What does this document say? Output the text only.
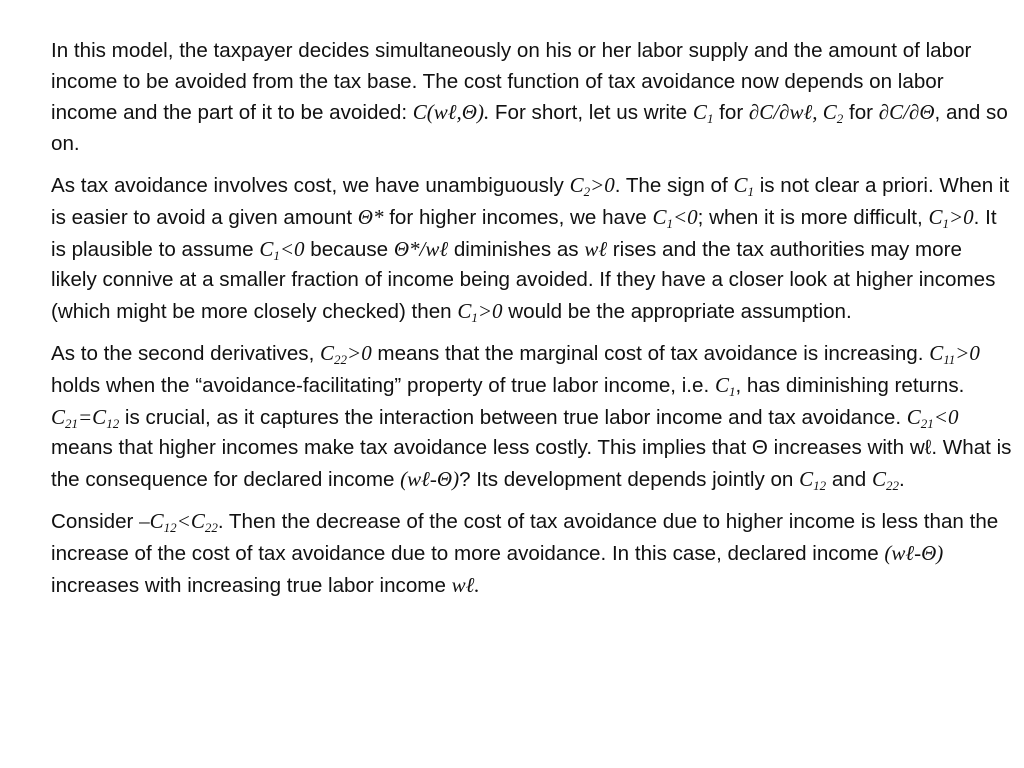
In this model, the taxpayer decides simultaneously on his or her labor supply and the amount of labor income to be avoided from the tax base. The cost function of tax avoidance now depends on labor income and the part of it to be avoided: C(wℓ,Θ). For short, let us write $C_1$ for ∂C/∂wℓ, $C_2$ for ∂C/∂Θ, and so on.

As tax avoidance involves cost, we have unambiguously $C_2>0$. The sign of $C_1$ is not clear a priori. When it is easier to avoid a given amount Θ* for higher incomes, we have $C_1<0$; when it is more difficult, $C_1>0$. It is plausible to assume $C_1<0$ because Θ*/wℓ diminishes as wℓ rises and the tax authorities may more likely connive at a smaller fraction of income being avoided. If they have a closer look at higher incomes (which might be more closely checked) then $C_1>0$ would be the appropriate assumption.

As to the second derivatives, $C_{22}>0$ means that the marginal cost of tax avoidance is increasing. $C_{11}>0$ holds when the “avoidance-facilitating” property of true labor income, i.e. $C_1$, has diminishing returns. $C_{21}=C_{12}$ is crucial, as it captures the interaction between true labor income and tax avoidance. $C_{21}<0$ means that higher incomes make tax avoidance less costly. This implies that Θ increases with wℓ. What is the consequence for declared income (wℓ-Θ)? Its development depends jointly on $C_{12}$ and $C_{22}$.

Consider $-C_{12}<C_{22}$. Then the decrease of the cost of tax avoidance due to higher income is less than the increase of the cost of tax avoidance due to more avoidance. In this case, declared income (wℓ-Θ) increases with increasing true labor income wℓ.
